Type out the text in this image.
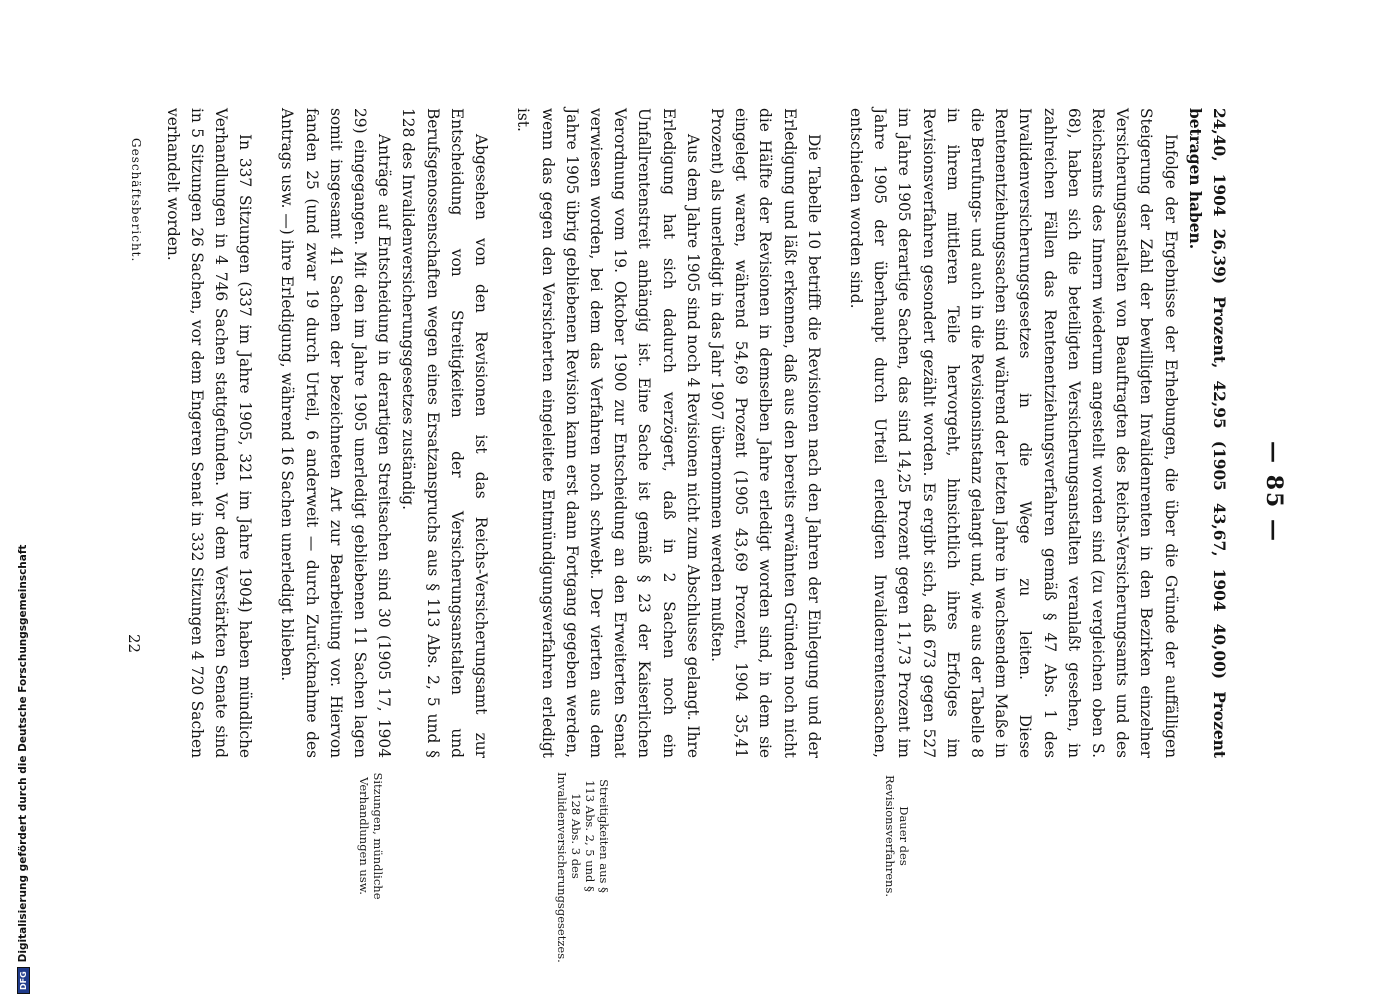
— 85 —

24,40, 1904 26,39) Prozent, 42,95 (1905 43,67, 1904 40,00) Prozent betragen haben.

Infolge der Ergebnisse der Erhebungen, die über die Gründe der auffälligen Steigerung der Zahl der bewilligten Invalidenrenten in den Bezirken einzelner Versicherungsanstalten von Beauftragten des Reichs-Versicherungsamts und des Reichsamts des Innern wiederum angestellt worden sind (zu vergleichen oben S. 68), haben sich die beteiligten Versicherungsanstalten veranlaßt gesehen, in zahlreichen Fällen das Rentenentziehungsverfahren gemäß § 47 Abs. 1 des Invalidenversicherungsgesetzes in die Wege zu leiten. Diese Rentenentziehungssachen sind während der letzten Jahre in wachsendem Maße in die Berufungs- und auch in die Revisionsinstanz gelangt und, wie aus der Tabelle 8 in ihrem mittleren Teile hervorgeht, hinsichtlich ihres Erfolges im Revisionsverfahren gesondert gezählt worden. Es ergibt sich, daß 673 gegen 527 im Jahre 1905 derartige Sachen, das sind 14,25 Prozent gegen 11,73 Prozent im Jahre 1905 der überhaupt durch Urteil erledigten Invalidenrentensachen, entschieden worden sind.

Die Tabelle 10 betrifft die Revisionen nach den Jahren der Einlegung und der Erledigung und läßt erkennen, daß aus den bereits erwähnten Gründen noch nicht die Hälfte der Revisionen in demselben Jahre erledigt worden sind, in dem sie eingelegt waren, während 54,69 Prozent (1905 43,69 Prozent, 1904 35,41 Prozent) als unerledigt in das Jahr 1907 übernommen werden mußten.

Aus dem Jahre 1905 sind noch 4 Revisionen nicht zum Abschlusse gelangt. Ihre Erledigung hat sich dadurch verzögert, daß in 2 Sachen noch ein Unfallrentenstreit anhängig ist. Eine Sache ist gemäß § 23 der Kaiserlichen Verordnung vom 19. Oktober 1900 zur Entscheidung an den Erweiterten Senat verwiesen worden, bei dem das Verfahren noch schwebt. Der vierten aus dem Jahre 1905 übrig gebliebenen Revision kann erst dann Fortgang gegeben werden, wenn das gegen den Versicherten eingeleitete Entmündigungsverfahren erledigt ist.

Abgesehen von den Revisionen ist das Reichs-Versicherungsamt zur Entscheidung von Streitigkeiten der Versicherungsanstalten und Berufsgenossenschaften wegen eines Ersatzanspruchs aus § 113 Abs. 2, 5 und § 128 des Invalidenversicherungsgesetzes zuständig.

Anträge auf Entscheidung in derartigen Streitsachen sind 30 (1905 17, 1904 29) eingegangen. Mit den im Jahre 1905 unerledigt gebliebenen 11 Sachen lagen somit insgesamt 41 Sachen der bezeichneten Art zur Bearbeitung vor. Hiervon fanden 25 (und zwar 19 durch Urteil, 6 anderweit — durch Zurücknahme des Antrags usw. —) ihre Erledigung, während 16 Sachen unerledigt blieben.

In 337 Sitzungen (337 im Jahre 1905, 321 im Jahre 1904) haben mündliche Verhandlungen in 4 746 Sachen stattgefunden. Vor dem Verstärkten Senate sind in 5 Sitzungen 26 Sachen, vor dem Engeren Senat in 332 Sitzungen 4 720 Sachen verhandelt worden.

Dauer des Revisionsverfahrens.
Streitigkeiten aus § 113 Abs. 2, 5 und § 128 Abs. 3 des Invalidenversicherungsgesetzes.
Sitzungen, mündliche Verhandlungen usw.
Geschäftsbericht.
22
DFGDigitalisierung gefördert durch die Deutsche Forschungsgemeinschaft
